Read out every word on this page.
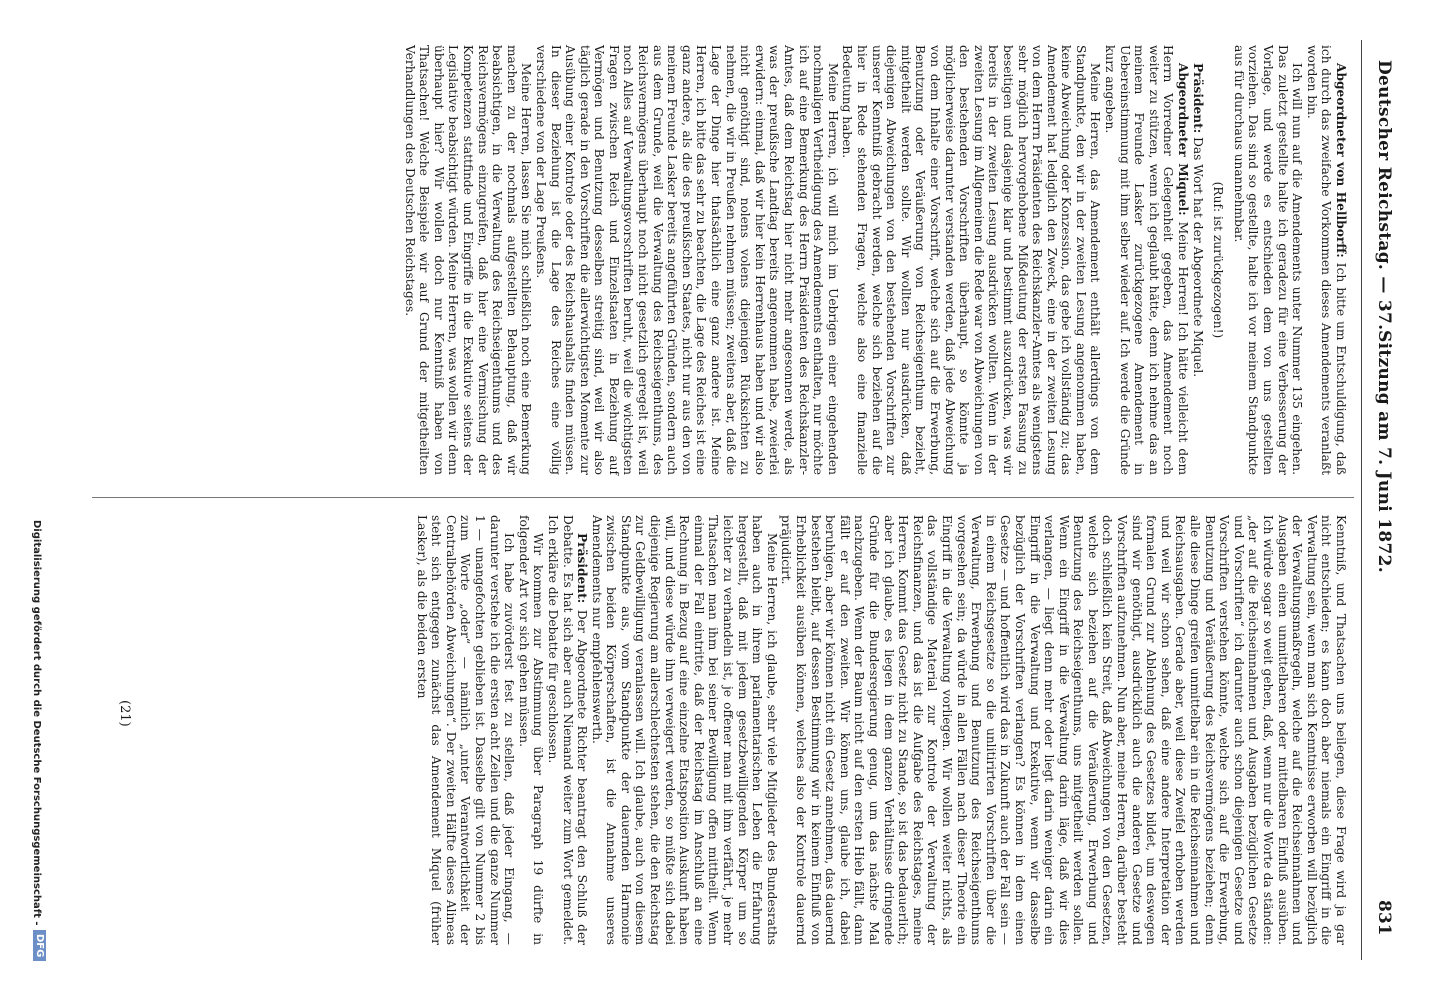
Deutscher Reichstag. — 37.
Sitzung am 7. Juni 1872.
831

Abgeordneter von Hellborff: Ich bitte um Entschuldigung, daß ich durch das zweifache Vorkommen dieses Amendements veranlaßt worden bin.

Ich will nun auf die Amendements unter Nummer 135 eingehen. Das zuletzt gestellte halte ich geradezu für eine Verbesserung der Vorlage, und werde es entschieden dem von uns gestellten vorziehen. Das sind so gestellte, halte ich vor meinem Standpunkte aus für durchaus unannehmbar.

(Ruf: ist zurückgezogen!)

Präsident: Das Wort hat der Abgeordnete Miquel.

Abgeordneter Miquel: Meine Herren! Ich hätte vielleicht dem Herrn Vorredner Gelegenheit gegeben, das Amendement noch weiter zu stützen, wenn ich geglaubt hätte, denn ich nehme das an meinem Freunde Lasker zurückgezogene Amendement in Uebereinstimmung mit ihm selber wieder auf. Ich werde die Gründe kurz angeben.

Meine Herren, das Amendement enthält allerdings von dem Standpunkte, den wir in der zweiten Lesung angenommen haben, keine Abweichung oder Konzession, das gebe ich vollständig zu; das Amendement hat lediglich den Zweck, eine in der zweiten Lesung von dem Herrn Präsidenten des Reichskanzler-Amtes als wenigstens sehr möglich hervorgehobene Mißdeutung der ersten Fassung zu beseitigen und dasjenige klar und bestimmt auszudrücken, was wir bereits in der zweiten Lesung ausdrücken wollten. Wenn in der zweiten Lesung im Allgemeinen die Rede war von Abweichungen von den bestehenden Vorschriften überhaupt, so könnte ja möglicherweise darunter verstanden werden, daß jede Abweichung von dem Inhalte einer Vorschrift, welche sich auf die Erwerbung, Benutzung oder Veräußerung von Reichseigenthum bezieht, mitgetheilt werden sollte. Wir wollten nur ausdrücken, daß diejenigen Abweichungen von den bestehenden Vorschriften zur unserer Kenntniß gebracht werden, welche sich beziehen auf die hier in Rede stehenden Fragen, welche also eine finanzielle Bedeutung haben.

Meine Herren, ich will mich im Uebrigen einer eingehenden nochmaligen Vertheidigung des Amendements enthalten, nur möchte ich auf eine Bemerkung des Herrn Präsidenten des Reichskanzler-Amtes, daß dem Reichstag hier nicht mehr angesonnen werde, als was der preußische Landtag bereits angenommen habe, zweierlei erwidern: einmal, daß wir hier kein Herrenhaus haben und wir also nicht genöthigt sind, nolens volens diejenigen Rücksichten zu nehmen, die wir in Preußen nehmen müssen; zweitens aber, daß die Lage der Dinge hier thatsächlich eine ganz andere ist. Meine Herren, ich bitte das sehr zu beachten, die Lage des Reiches ist eine ganz andere, als die des preußischen Staates, nicht nur aus den von meinem Freunde Lasker bereits angeführten Gründen, sondern auch aus dem Grunde, weil die Verwaltung des Reichseigenthums, des Reichsvermögens überhaupt noch nicht gesetzlich geregelt ist, weil noch Alles auf Verwaltungsvorschriften beruht, weil die wichtigsten Fragen zwischen Reich und Einzelstaaten in Beziehung auf Vermögen und Benutzung desselben streitig sind, weil wir also täglich gerade in den Vorschriften die allerwichtigsten Momente zur Ausübung einer Kontrole oder des Reichshaushalts finden müssen. In dieser Beziehung ist die Lage des Reiches eine völlig verschiedene von der Lage Preußens.

Meine Herren, lassen Sie mich schließlich noch eine Bemerkung machen zu der nochmals aufgestellten Behauptung, daß wir beabsichtigen, in die Verwaltung des Reichseigenthums und des Reichsvermögens einzugreifen, daß hier eine Vermischung der Kompetenzen stattfinde und Eingriffe in die Exekutive seitens der Legislative beabsichtigt würden. Meine Herren, was wollen wir denn überhaupt hier? Wir wollen doch nur Kenntniß haben von Thatsachen! Welche Beispiele wir auf Grund der mitgetheilten Verhandlungen des Deutschen Reichstages.

Kenntniß, und Thatsachen uns beilegen, diese Frage wird ja gar nicht entschieden; es kann doch aber niemals ein Eingriff in die Verwaltung sein, wenn man sich Kenntnisse erworben will bezüglich der Verwaltungsmaßregeln, welche auf die Reichseinnahmen und Ausgaben einen unmittelbaren oder mittelbaren Einfluß ausüben. Ich würde sogar so weit gehen, daß, wenn nur die Worte da ständen: „der auf die Reichseinnahmen und Ausgaben bezüglichen Gesetze und Vorschriften“ ich darunter auch schon diejenigen Gesetze und Vorschriften verstehen könnte, welche sich auf die Erwerbung, Benutzung und Veräußerung des Reichsvermögens beziehen; denn alle diese Dinge greifen unmittelbar ein in die Reichseinnahmen und Reichsausgaben. Gerade aber, weil diese Zweifel erhoben werden und weil wir schon sehen, daß eine andere Interpretation der formalen Grund zur Ablehnung des Gesetzes bildet, um deswegen sind wir genöthigt, ausdrücklich auch die anderen Gesetze und Vorschriften aufzunehmen. Nun aber, meine Herren, darüber besteht doch schließlich kein Streit, daß Abweichungen von den Gesetzen, welche sich beziehen auf die Veräußerung, Erwerbung und Benutzung des Reichseigenthums, uns mitgetheilt werden sollen. Wenn ein Eingriff in die Verwaltung darin läge, daß wir dies verlangen, — liegt denn mehr oder liegt darin weniger darin ein Eingriff in die Verwaltung und Exekutive, wenn wir dasselbe bezüglich der Vorschriften verlangen? Es können in dem einen Gesetze — und hoffentlich wird das in Zukunft auch der Fall sein — in einem Reichsgesetze so die unlitirirten Vorschriften über die Verwaltung, Erwerbung und Benutzung des Reichseigenthums vorgesehen sein; da würde in allen Fällen nach dieser Theorie ein Eingriff in die Verwaltung vorliegen. Wir wollen weiter nichts, als das vollständige Material zur Kontrole der Verwaltung der Reichsfinanzen, und das ist die Aufgabe des Reichstages, meine Herren. Kommt das Gesetz nicht zu Stande, so ist das bedauerlich; aber ich glaube, es liegen in dem ganzen Verhältnisse dringende Gründe für die Bundesregierung genug, um das nächste Mal nachzugeben. Wenn der Baum nicht auf den ersten Hieb fällt, dann fällt er auf den zweiten. Wir können uns, glaube ich, dabei beruhigen, aber wir können nicht ein Gesetz annehmen, das dauernd bestehen bleibt, auf dessen Bestimmung wir in keinem Einfluß von Erheblichkeit ausüben können, welches also der Kontrole dauernd präjudicirt.

Meine Herren, ich glaube, sehr viele Mitglieder des Bundesraths haben auch in ihrem parlamentarischen Leben die Erfahrung hergestellt, daß mit jedem gesetzbewilligenden Körper um so leichter zu verhandeln ist, je offener man mit ihm verfährt, je mehr Thatsachen man ihm bei seiner Bewilligung offen mittheilt. Wenn einmal der Fall eintritte, daß der Reichstag im Anschluß an eine Rechnung in Bezug auf eine einzelne Etatsposition Auskunft haben will, und diese würde ihm verweigert werden, so müßte sich dabei diejenige Regierung am allerschlechtesten stehen, die den Reichstag zur Geldbewilligung veranlassen will. Ich glaube, auch von diesem Standpunkte aus, vom Standpunkte der dauernden Harmonie zwischen beiden Körperschaften, ist die Annahme unseres Amendements nur empfehlenswerth.

Präsident: Der Abgeordnete Richter beantragt den Schluß der Debatte. Es hat sich aber auch Niemand weiter zum Wort gemeldet. Ich erkläre die Debatte für geschlossen.

Wir kommen zur Abstimmung über Paragraph 19 dürfte in folgender Art vor sich gehen müssen.

Ich habe zuvörderst fest zu stellen, daß jeder Eingang, — darunter verstehe ich die ersten acht Zeilen und die ganze Nummer 1 — unangefochten geblieben ist. Dasselbe gilt von Nummer 2 bis zum Worte „oder“ — nämlich „unter Verantwortlichkeit der Centralbehörden Abweichungen“. Der zweiten Hälfte dieses Alineas steht sich entgegen zunächst das Amendement Miquel (früher Lasker), als die beiden ersten

(21)
Digitalisierung gefördert durch die Deutsche Forschungsgemeinschaft -
DFG
